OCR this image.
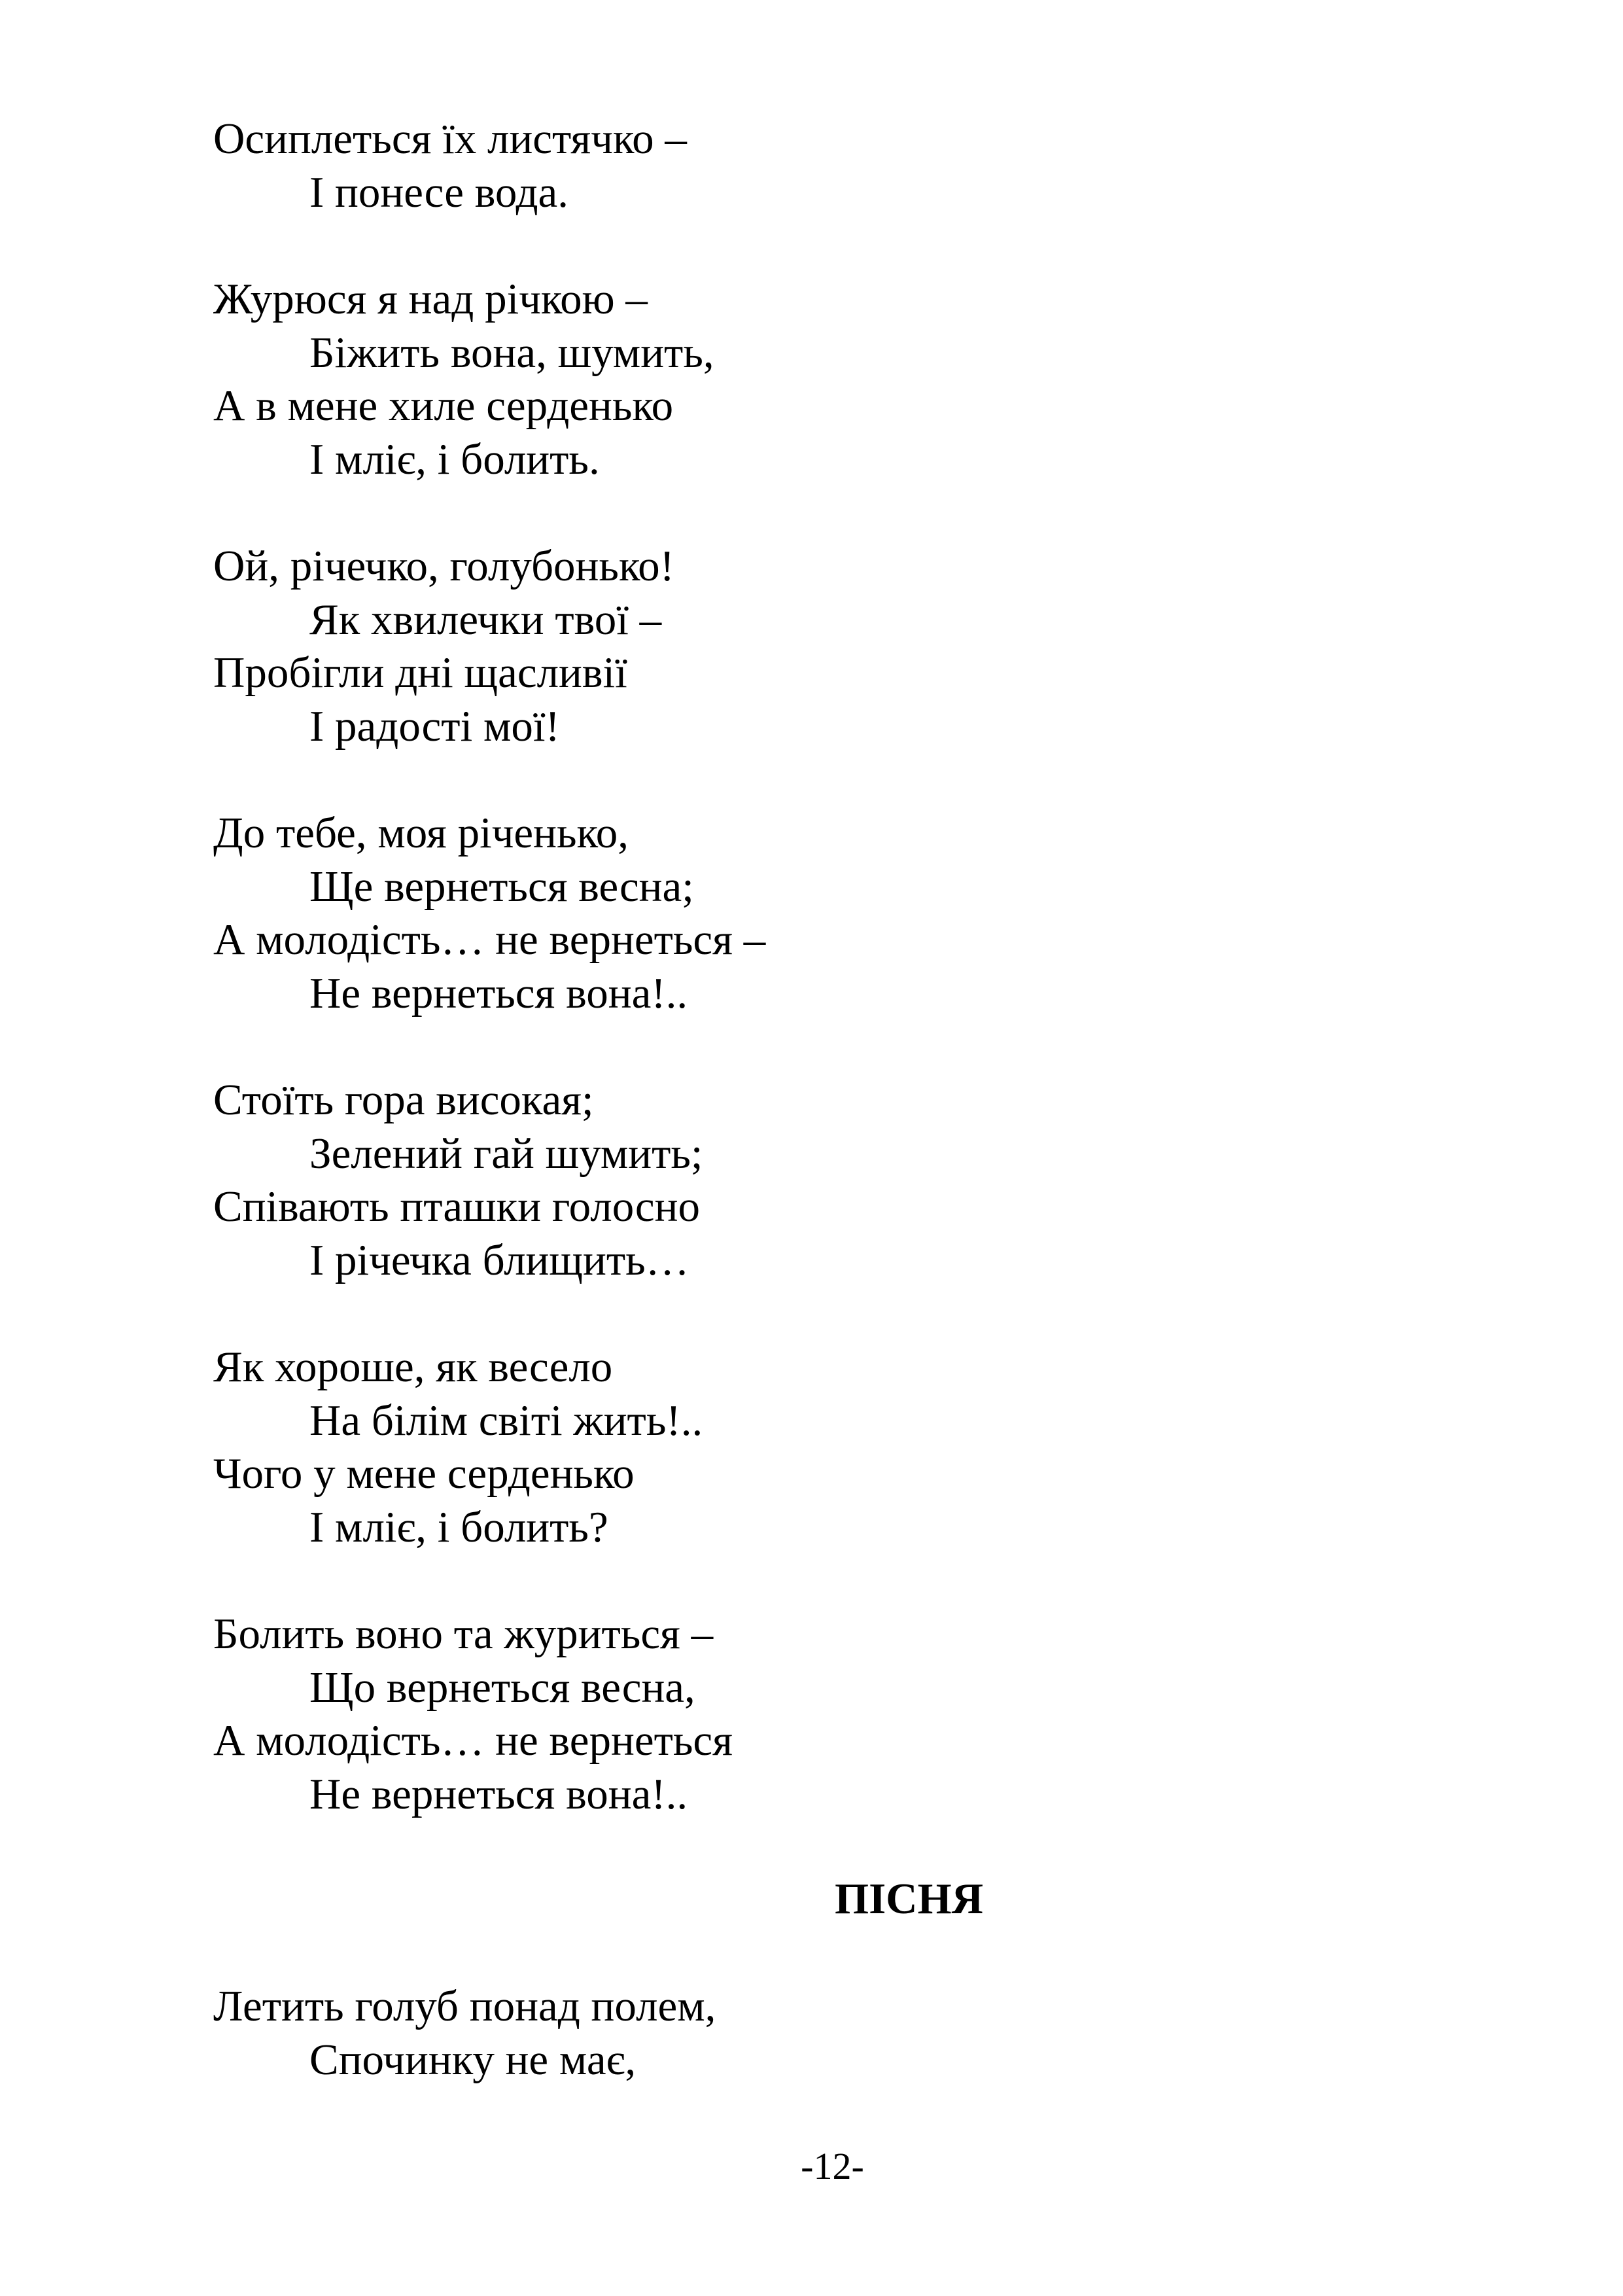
Осиплеться їх листячко –
І понесе вода.
Журюся я над річкою –
Біжить вона, шумить,
А в мене хиле серденько
І мліє, і болить.
Ой, річечко, голубонько!
Як хвилечки твої –
Пробігли дні щасливії
І радості мої!
До тебе, моя річенько,
Ще вернеться весна;
А молодість… не вернеться –
Не вернеться вона!..
Стоїть гора високая;
Зелений гай шумить;
Співають пташки голосно
І річечка блищить…
Як хороше, як весело
На білім світі жить!..
Чого у мене серденько
І мліє, і болить?
Болить воно та журиться –
Що вернеться весна,
А молодість… не вернеться
Не вернеться вона!..
ПІСНЯ
Летить голуб понад полем,
Спочинку не має,
-12-
